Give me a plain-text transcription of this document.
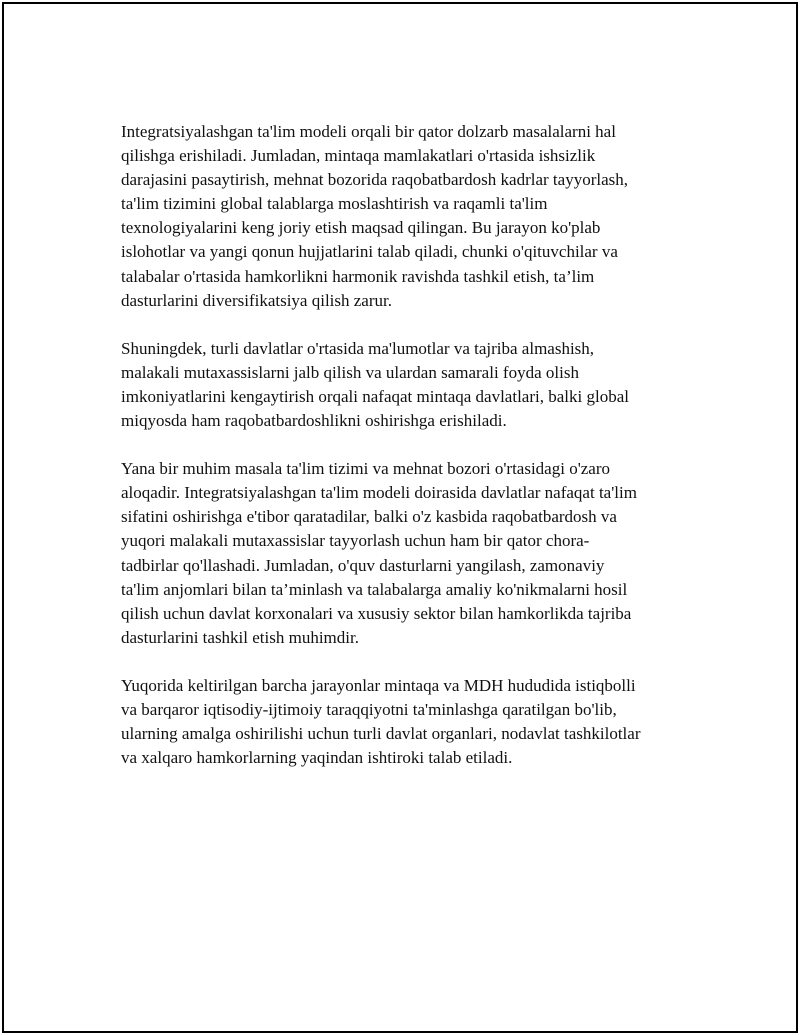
Integratsiyalashgan ta'lim modeli orqali bir qator dolzarb masalalarni hal
qilishga erishiladi. Jumladan, mintaqa mamlakatlari o'rtasida ishsizlik
darajasini pasaytirish, mehnat bozorida raqobatbardosh kadrlar tayyorlash,
ta'lim tizimini global talablarga moslashtirish va raqamli ta'lim
texnologiyalarini keng joriy etish maqsad qilingan. Bu jarayon ko'plab
islohotlar va yangi qonun hujjatlarini talab qiladi, chunki o'qituvchilar va
talabalar o'rtasida hamkorlikni harmonik ravishda tashkil etish, ta’lim
dasturlarini diversifikatsiya qilish zarur.
Shuningdek, turli davlatlar o'rtasida ma'lumotlar va tajriba almashish,
malakali mutaxassislarni jalb qilish va ulardan samarali foyda olish
imkoniyatlarini kengaytirish orqali nafaqat mintaqa davlatlari, balki global
miqyosda ham raqobatbardoshlikni oshirishga erishiladi.
Yana bir muhim masala ta'lim tizimi va mehnat bozori o'rtasidagi o'zaro
aloqadir. Integratsiyalashgan ta'lim modeli doirasida davlatlar nafaqat ta'lim
sifatini oshirishga e'tibor qaratadilar, balki o'z kasbida raqobatbardosh va
yuqori malakali mutaxassislar tayyorlash uchun ham bir qator chora-
tadbirlar qo'llashadi. Jumladan, o'quv dasturlarni yangilash, zamonaviy
ta'lim anjomlari bilan ta’minlash va talabalarga amaliy ko'nikmalarni hosil
qilish uchun davlat korxonalari va xususiy sektor bilan hamkorlikda tajriba
dasturlarini tashkil etish muhimdir.
Yuqorida keltirilgan barcha jarayonlar mintaqa va MDH hududida istiqbolli
va barqaror iqtisodiy-ijtimoiy taraqqiyotni ta'minlashga qaratilgan bo'lib,
ularning amalga oshirilishi uchun turli davlat organlari, nodavlat tashkilotlar
va xalqaro hamkorlarning yaqindan ishtiroki talab etiladi.
